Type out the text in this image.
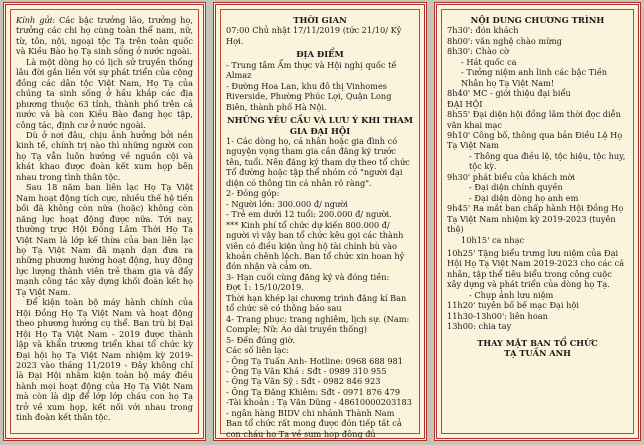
Kính gửi: Các bậc trưởng lão, trưởng họ, trưởng các chi họ cùng toàn thể nam, nữ, từ, tôn, nội, ngoại tộc Tạ trên toàn quốc và Kiều Bào họ Tạ sinh sống ở nước ngoài.

Là một dòng họ có lịch sử truyền thống lâu đời gắn liền với sự phát triển của cộng đồng các dân tộc Việt Nam, Họ Tạ của chúng ta sinh sống ở hầu khắp các địa phương thuộc 63 tỉnh, thành phố trên cả nước và bà con Kiều Bào đang học tập, công tác, định cư ở nước ngoài.

Dù ở nơi đâu, chịu ảnh hưởng bởi nền kinh tế, chính trị nào thì những người con họ Tạ vẫn luôn hướng về nguồn cội và khát khao được đoàn kết xum họp bên nhau trong tình thân tộc.

Sau 18 năm ban liên lạc Họ Tạ Việt Nam hoạt động tích cực, nhiều thế hệ tiền bối đã không còn nữa (hoặc) không còn năng lực hoạt động được nữa. Tới nay, thường trực Hội Đồng Lâm Thời Họ Tạ Việt Nam là lớp kế thừa của ban liên lạc họ Tạ Việt Nam đã mạnh dạn đưa ra những phương hướng hoạt động, huy động lực lượng thành viên trẻ tham gia và đẩy mạnh công tác xây dựng khối đoàn kết họ Tạ Việt Nam.

Để kiện toàn bộ máy hành chính của Hội Đồng Họ Tạ Việt Nam và hoạt động theo phương hướng cụ thể. Ban trù bị Đại Hội Họ Tạ Việt Nam - 2019 được thành lập và khẩn trương triển khai tổ chức kỳ Đại hội họ Tạ Việt Nam nhiệm kỳ 2019-2023 vào tháng 11/2019 - Đây không chỉ là Đại Hội nhằm kiện toàn bộ máy điều hành mọi hoạt động của Họ Tạ Việt Nam mà còn là dịp để lớp lớp cháu con họ Tạ trở về xum họp, kết nối với nhau trong tình đoàn kết thân tộc.

THỜI GIAN

07:00 Chủ nhật 17/11/2019 (tức 21/10/ Kỷ Hợi.

ĐỊA ĐIỂM

- Trung tâm Ẩm thực và Hội nghị quốc tế Almaz

- Đường Hoa Lan, khu đô thị Vinhomes Riverside, Phường Phúc Lợi, Quận Long Biên, thành phố Hà Nội.

NHỮNG YÊU CẦU VÀ LƯU Ý KHI THAM GIA ĐẠI HỘI

1- Các dòng họ, cá nhân hoặc gia đình có nguyện vọng tham gia cần đăng ký trước tên, tuổi. Nên đăng ký tham dự theo tổ chức Tổ đường hoặc tập thể nhóm có "người đại diện có thông tin cá nhân rõ ràng".

2- Đóng góp:

- Người lớn: 300.000 đ/ người

- Trẻ em dưới 12 tuổi: 200.000 đ/ người.

*** Kinh phí tổ chức dự kiến 800.000 đ/ người vì vậy ban tổ chức kêu gọi các thành viên có điều kiện ủng hộ tài chính bù vào khoản chênh lệch. Ban tổ chức xin hoan hỷ đón nhận và cảm ơn.

3- Hạn cuối cùng đăng ký và đóng tiền:

Đợt 1: 15/10/2019.

Thời hạn khép lại chương trình đăng kí Ban tổ chức sẽ có thông báo sau

4- Trang phục: trang nghiêm, lịch sự. (Nam: Comple; Nữ: Áo dài truyền thống)

5- Đến đúng giờ.

Các số liên lạc:

- Ông Tạ Tuấn Anh- Hotline: 0968 688 981

- Ông Tạ Văn Khá : Sđt - 0989 310 955

- Ông Tạ Văn Sỹ : Sđt - 0982 846 923

- Ông Tạ Đăng Khiêm: Sđt - 0971 876 479

-Tài khoản : Tạ Văn Dũng - 48610000203183 - ngân hàng BIDV chi nhánh Thành Nam

Ban tổ chức rất mong được đón tiếp tất cả con cháu họ Tạ về sum họp đông đủ

NỘI DUNG CHƯƠNG TRÌNH

7h30': đón khách

8h00': văn nghệ chào mừng

8h30': Chào cờ

- Hát quốc ca

- Tưởng niệm anh linh các bậc Tiền Nhân họ Tạ Việt Nam!

8h40' MC - giới thiệu đại biểu

ĐẠI HỘI

8h55' Đại diện hội đồng lâm thời đọc diễn văn khai mạc

9h10' Công bố, thông qua bản Điều Lệ Họ Tạ Việt Nam

- Thông qua điều lệ, tộc hiệu, tộc huy, tộc kỳ.

9h30' phát biểu của khách mời

- Đại diện chính quyền

- Đại diện dòng họ anh em

9h45' Ra mắt ban chấp hành Hội Đồng Họ Tạ Việt Nam nhiệm kỳ 2019-2023 (tuyên thệ)

10h15' ca nhạc

10h25' Tặng biểu trưng lưu niệm của Đại Hội Họ Tạ Việt Nam 2019-2023 cho các cá nhân, tập thể tiêu biểu trong công cuộc xây dựng và phát triển của dòng họ Tạ.

- Chụp ảnh lưu niệm

11h20' tuyên bố bế mạc Đại hội

11h30-13h00': liên hoan

13h00: chia tay

THAY MẶT BAN TỔ CHỨC

TẠ TUẤN ANH
